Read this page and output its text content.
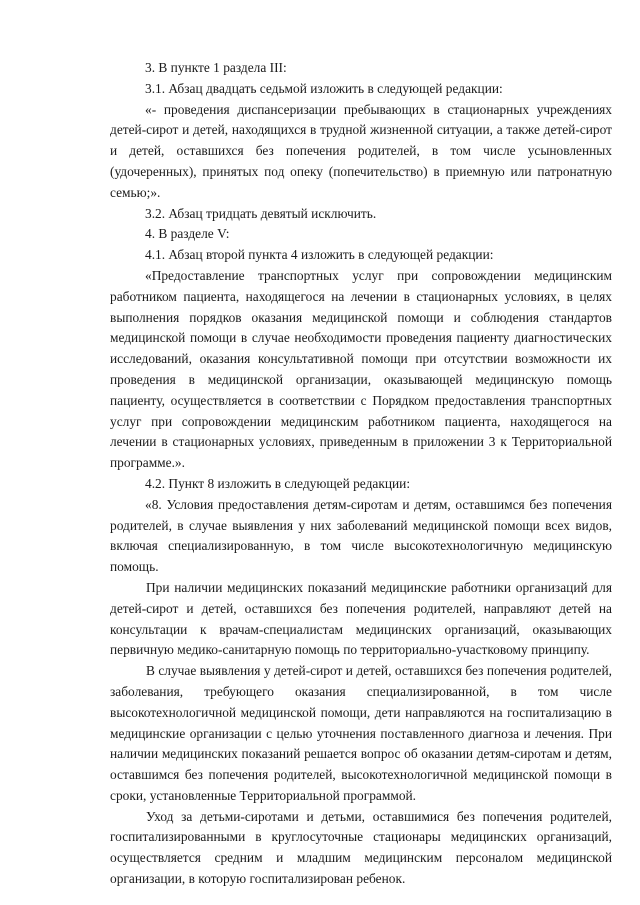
3. В пункте 1 раздела III:

3.1. Абзац двадцать седьмой изложить в следующей редакции:

«- проведения диспансеризации пребывающих в стационарных учреждениях детей-сирот и детей, находящихся в трудной жизненной ситуации, а также детей-сирот и детей, оставшихся без попечения родителей, в том числе усыновленных (удочеренных), принятых под опеку (попечительство) в приемную или патронатную семью;».

3.2. Абзац тридцать девятый исключить.

4. В разделе V:

4.1. Абзац второй пункта 4 изложить в следующей редакции:

«Предоставление транспортных услуг при сопровождении медицинским работником пациента, находящегося на лечении в стационарных условиях, в целях выполнения порядков оказания медицинской помощи и соблюдения стандартов медицинской помощи в случае необходимости проведения пациенту диагностических исследований, оказания консультативной помощи при отсутствии возможности их проведения в медицинской организации, оказывающей медицинскую помощь пациенту, осуществляется в соответствии с Порядком предоставления транспортных услуг при сопровождении медицинским работником пациента, находящегося на лечении в стационарных условиях, приведенным в приложении 3 к Территориальной программе.».

4.2. Пункт 8 изложить в следующей редакции:

«8. Условия предоставления детям-сиротам и детям, оставшимся без попечения родителей, в случае выявления у них заболеваний медицинской помощи всех видов, включая специализированную, в том числе высокотехнологичную медицинскую помощь.

При наличии медицинских показаний медицинские работники организаций для детей-сирот и детей, оставшихся без попечения родителей, направляют детей на консультации к врачам-специалистам медицинских организаций, оказывающих первичную медико-санитарную помощь по территориально-участковому принципу.

В случае выявления у детей-сирот и детей, оставшихся без попечения родителей, заболевания, требующего оказания специализированной, в том числе высокотехнологичной медицинской помощи, дети направляются на госпитализацию в медицинские организации с целью уточнения поставленного диагноза и лечения. При наличии медицинских показаний решается вопрос об оказании детям-сиротам и детям, оставшимся без попечения родителей, высокотехнологичной медицинской помощи в сроки, установленные Территориальной программой.

Уход за детьми-сиротами и детьми, оставшимися без попечения родителей, госпитализированными в круглосуточные стационары медицинских организаций, осуществляется средним и младшим медицинским персоналом медицинской организации, в которую госпитализирован ребенок.
